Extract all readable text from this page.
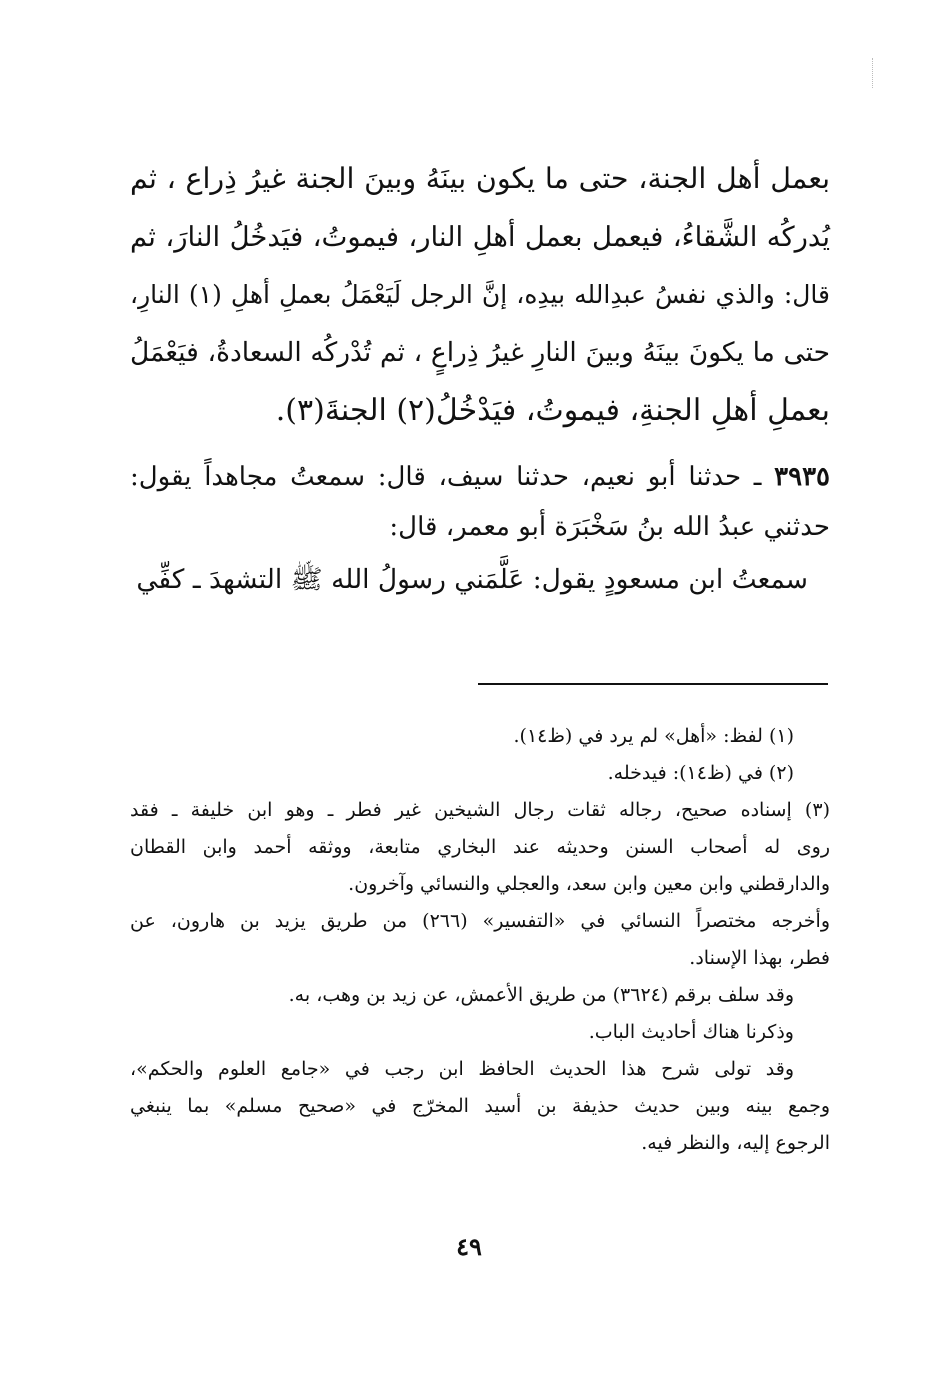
بعمل أهل الجنة، حتى ما يكون بينَهُ وبينَ الجنة غيرُ ذِراع ، ثم
يُدركُه الشَّقاءُ، فيعمل بعمل أهلِ النار، فيموتُ، فيَدخُلُ النارَ، ثم
قال: والذي نفسُ عبدِالله بيدِه، إنَّ الرجل لَيَعْمَلُ بعملِ أهلِ (١) النارِ،
حتى ما يكونَ بينَهُ وبينَ النارِ غيرُ ذِراعٍ ، ثم تُدْركُه السعادةُ، فيَعْمَلُ
بعملِ أهلِ الجنةِ، فيموتُ، فيَدْخُلُ(٢) الجنةَ(٣).
٣٩٣٥ ـ حدثنا أبو نعيم، حدثنا سيف، قال: سمعتُ مجاهداً يقول:
حدثني عبدُ الله بنُ سَخْبَرَة أبو معمر، قال:
سمعتُ ابن مسعودٍ يقول: عَلَّمَني رسولُ الله ﷺ التشهدَ ـ كفِّي
(١) لفظ: «أهل» لم يرد في (ظ١٤).
(٢) في (ظ١٤): فيدخله.
(٣) إسناده صحيح، رجاله ثقات رجال الشيخين غير فطر ـ وهو ابن خليفة ـ فقد
روى له أصحاب السنن وحديثه عند البخاري متابعة، ووثقه أحمد وابن القطان
والدارقطني وابن معين وابن سعد، والعجلي والنسائي وآخرون.
وأخرجه مختصراً النسائي في «التفسير» (٢٦٦) من طريق يزيد بن هارون، عن
فطر، بهذا الإسناد.
وقد سلف برقم (٣٦٢٤) من طريق الأعمش، عن زيد بن وهب، به.
وذكرنا هناك أحاديث الباب.
وقد تولى شرح هذا الحديث الحافظ ابن رجب في «جامع العلوم والحكم»،
وجمع بينه وبين حديث حذيفة بن أسيد المخرّج في «صحيح مسلم» بما ينبغي
الرجوع إليه، والنظر فيه.
٤٩
